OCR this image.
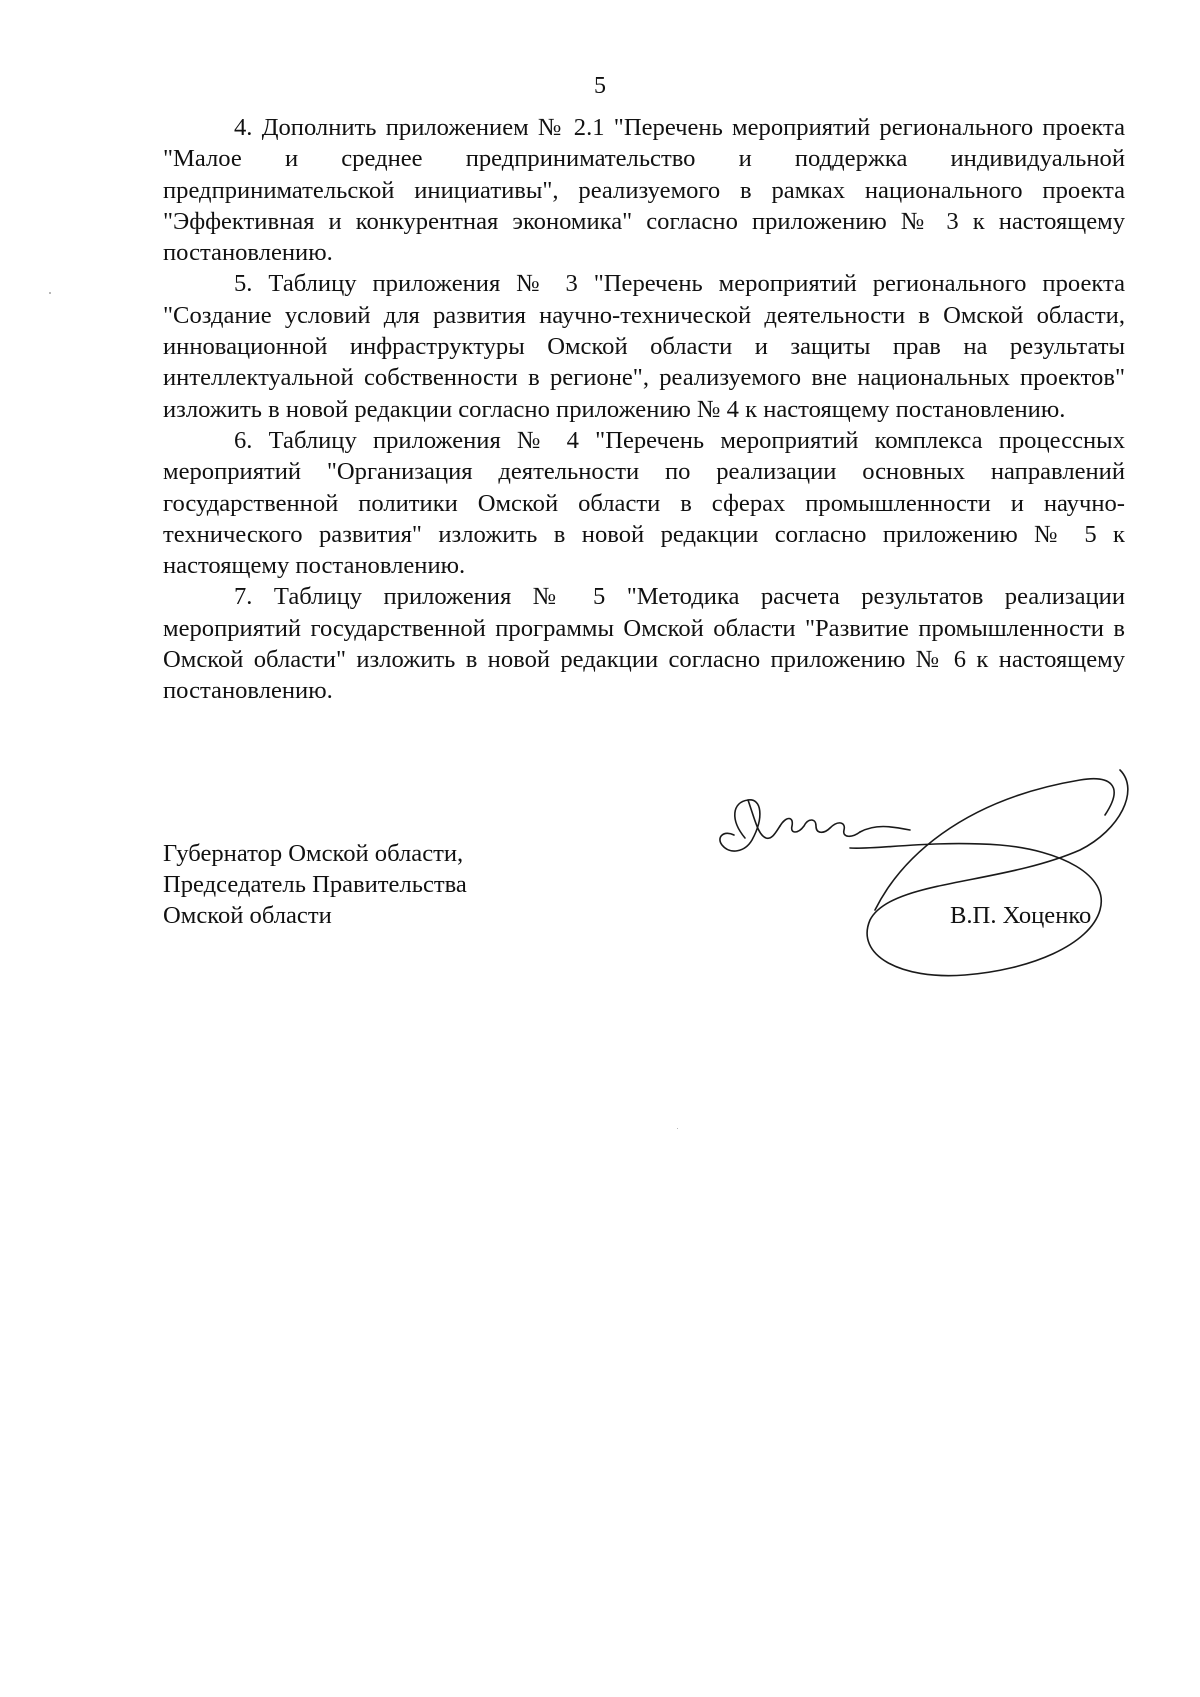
5

4. Дополнить приложением № 2.1 "Перечень мероприятий регионального проекта "Малое и среднее предпринимательство и поддержка индивидуальной предпринимательской инициативы", реализуемого в рамках национального проекта "Эффективная и конкурентная экономика" согласно приложению № 3 к настоящему постановлению.

5. Таблицу приложения № 3 "Перечень мероприятий регионального проекта "Создание условий для развития научно-технической деятельности в Омской области, инновационной инфраструктуры Омской области и защиты прав на результаты интеллектуальной собственности в регионе", реализуемого вне национальных проектов" изложить в новой редакции согласно приложению № 4 к настоящему постановлению.

6. Таблицу приложения № 4 "Перечень мероприятий комплекса процессных мероприятий "Организация деятельности по реализации основных направлений государственной политики Омской области в сферах промышленности и научно-технического развития" изложить в новой редакции согласно приложению № 5 к настоящему постановлению.

7. Таблицу приложения № 5 "Методика расчета результатов реализации мероприятий государственной программы Омской области "Развитие промышленности в Омской области" изложить в новой редакции согласно приложению № 6 к настоящему постановлению.

Губернатор Омской области,
Председатель Правительства
Омской области	В.П. Хоценко
